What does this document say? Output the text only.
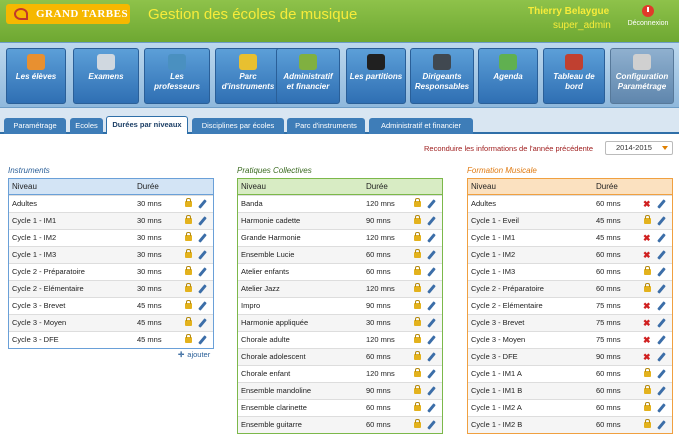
GRAND TARBES Gestion des écoles de musique	Thierry Belaygue
super_admin	Déconnexion
Les élèves	Examens	Les professeurs
Parc d'instruments
Administratif et financier
Les partitions	Dirigeants Responsables
Agenda	Tableau de bord
Configuration Paramétrage
Paramétrage	Ecoles	Durées par niveaux	Disciplines par écoles	Parc d'instruments	Administratif et financier
Reconduire les informations de l'année précédente	2014-2015
Instruments
Niveau	Durée
Adultes	30 mns
Cycle 1 - IM1	30 mns
Cycle 1 - IM2	30 mns
Cycle 1 - IM3	30 mns
Cycle 2 - Préparatoire	30 mns
Cycle 2 - Elémentaire	30 mns
Cycle 3 - Brevet	45 mns
Cycle 3 - Moyen	45 mns
Cycle 3 - DFE	45 mns
Pratiques Collectives
Niveau	Durée
Banda	120 mns
Harmonie cadette	90 mns
Grande Harmonie	120 mns
Ensemble Lucie	60 mns
Atelier enfants	60 mns
Atelier Jazz	120 mns
Impro	90 mns
Harmonie appliquée	30 mns
Chorale adulte	120 mns
Chorale adolescent	60 mns
Chorale enfant	120 mns
Ensemble mandoline	90 mns
Ensemble clarinette	60 mns
Ensemble guitarre	60 mns
Formation Musicale
Niveau	Durée
Adultes	60 mns ✖
Cycle 1 - Eveil	45 mns
Cycle 1 - IM1	45 mns ✖
Cycle 1 - IM2	60 mns ✖
Cycle 1 - IM3	60 mns
Cycle 2 - Préparatoire	60 mns
Cycle 2 - Elémentaire	75 mns ✖
Cycle 3 - Brevet	75 mns ✖
Cycle 3 - Moyen	75 mns ✖
Cycle 3 - DFE	90 mns ✖
Cycle 1 - IM1 A	60 mns
Cycle 1 - IM1 B	60 mns
Cycle 1 - IM2 A	60 mns
Cycle 1 - IM2 B	60 mns
✛ ajouter
